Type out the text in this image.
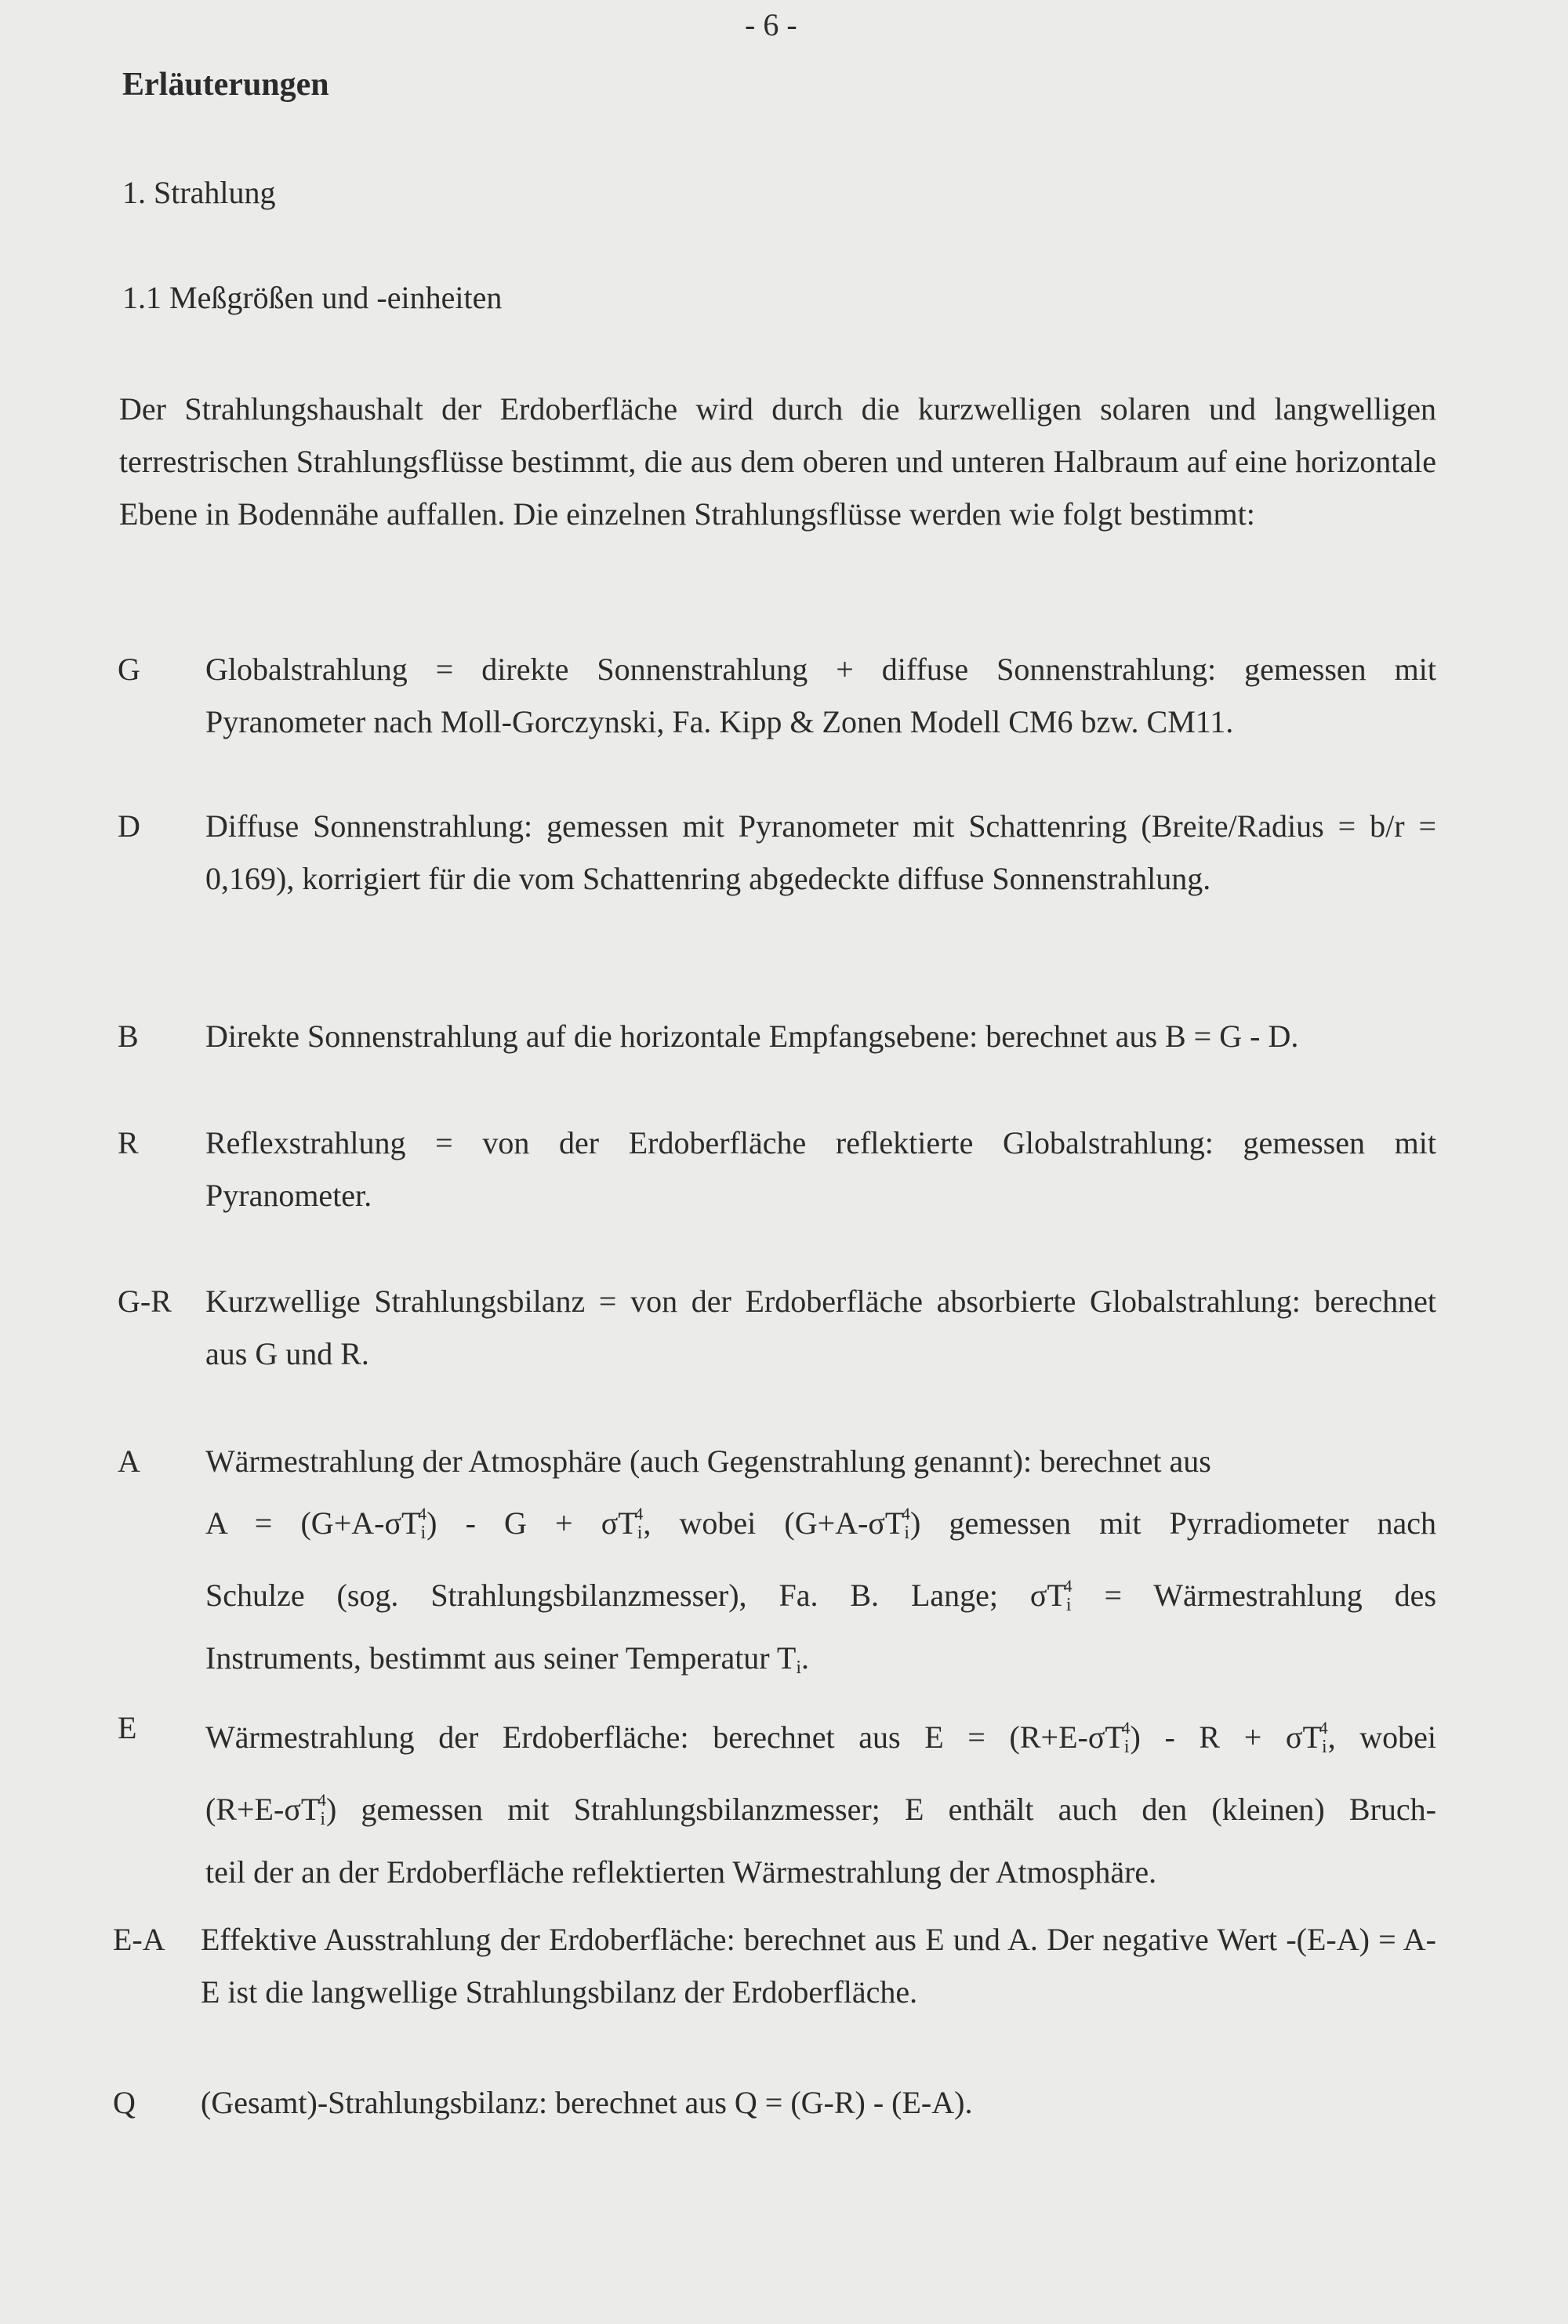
- 6 -
Erläuterungen
1. Strahlung
1.1 Meßgrößen und -einheiten
Der Strahlungshaushalt der Erdoberfläche wird durch die kurzwelligen solaren und langwelligen terrestrischen Strahlungsflüsse bestimmt, die aus dem oberen und unteren Halbraum auf eine horizontale Ebene in Bodennähe auffallen. Die einzelnen Strahlungsflüsse werden wie folgt bestimmt:
G Globalstrahlung = direkte Sonnenstrahlung + diffuse Sonnenstrahlung: gemessen mit Pyranometer nach Moll-Gorczynski, Fa. Kipp & Zonen Modell CM6 bzw. CM11.
D Diffuse Sonnenstrahlung: gemessen mit Pyranometer mit Schattenring (Breite/Radius = b/r = 0,169), korrigiert für die vom Schattenring abgedeckte diffuse Sonnenstrahlung.
B Direkte Sonnenstrahlung auf die horizontale Empfangsebene: berechnet aus B = G - D.
R Reflexstrahlung = von der Erdoberfläche reflektierte Globalstrahlung: gemessen mit Pyranometer.
G-R Kurzwellige Strahlungsbilanz = von der Erdoberfläche absorbierte Globalstrahlung: berechnet aus G und R.
A Wärmestrahlung der Atmosphäre (auch Gegenstrahlung genannt): berechnet aus
$A = (G+A-\sigma T_i^4) - G + \sigma T_i^4$, wobei $(G+A-\sigma T_i^4)$ gemessen mit Pyrradiometer nach
Schulze (sog. Strahlungsbilanzmesser), Fa. B. Lange; $\sigma T_i^4$ = Wärmestrahlung des
Instruments, bestimmt aus seiner Temperatur $T_i$.
E Wärmestrahlung der Erdoberfläche: berechnet aus $E = (R+E-\sigma T_i^4) - R + \sigma T_i^4$, wobei
$(R+E-\sigma T_i^4)$ gemessen mit Strahlungsbilanzmesser; E enthält auch den (kleinen) Bruch-
teil der an der Erdoberfläche reflektierten Wärmestrahlung der Atmosphäre.
E-A Effektive Ausstrahlung der Erdoberfläche: berechnet aus E und A. Der negative Wert -(E-A) = A-E ist die langwellige Strahlungsbilanz der Erdoberfläche.
Q (Gesamt)-Strahlungsbilanz: berechnet aus Q = (G-R) - (E-A).
